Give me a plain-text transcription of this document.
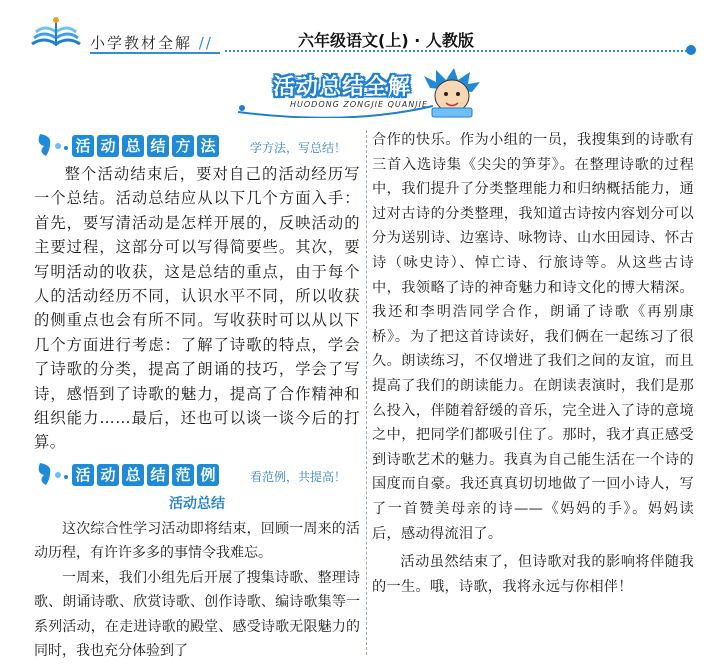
小学教材全解 //	六年级语文(上) · 人教版
活动总结全解
HUODONG ZONGJIE QUANJIE
活 动 总 结 方 法	学方法，写总结！

整个活动结束后，要对自己的活动经历写一个总结。活动总结应从以下几个方面入手：首先，要写清活动是怎样开展的，反映活动的主要过程，这部分可以写得简要些。其次，要写明活动的收获，这是总结的重点，由于每个人的活动经历不同，认识水平不同，所以收获的侧重点也会有所不同。写收获时可以从以下几个方面进行考虑：了解了诗歌的特点，学会了诗歌的分类，提高了朗诵的技巧，学会了写诗，感悟到了诗歌的魅力，提高了合作精神和组织能力……最后，还也可以谈一谈今后的打算。

活 动 总 结 范 例	看范例，共提高！
活动总结

这次综合性学习活动即将结束，回顾一周来的活动历程，有许许多多的事情令我难忘。

一周来，我们小组先后开展了搜集诗歌、整理诗歌、朗诵诗歌、欣赏诗歌、创作诗歌、编诗歌集等一系列活动，在走进诗歌的殿堂、感受诗歌无限魅力的同时，我也充分体验到了

合作的快乐。作为小组的一员，我搜集到的诗歌有三首入选诗集《尖尖的笋芽》。在整理诗歌的过程中，我们提升了分类整理能力和归纳概括能力，通过对古诗的分类整理，我知道古诗按内容划分可以分为送别诗、边塞诗、咏物诗、山水田园诗、怀古诗（咏史诗）、悼亡诗、行旅诗等。从这些古诗中，我领略了诗的神奇魅力和诗文化的博大精深。我还和李明浩同学合作，朗诵了诗歌《再别康桥》。为了把这首诗读好，我们俩在一起练习了很久。朗读练习，不仅增进了我们之间的友谊，而且提高了我们的朗读能力。在朗读表演时，我们是那么投入，伴随着舒缓的音乐，完全进入了诗的意境之中，把同学们都吸引住了。那时，我才真正感受到诗歌艺术的魅力。我真为自己能生活在一个诗的国度而自豪。我还真真切切地做了一回小诗人，写了一首赞美母亲的诗——《妈妈的手》。妈妈读后，感动得流泪了。

活动虽然结束了，但诗歌对我的影响将伴随我的一生。哦，诗歌，我将永远与你相伴！
